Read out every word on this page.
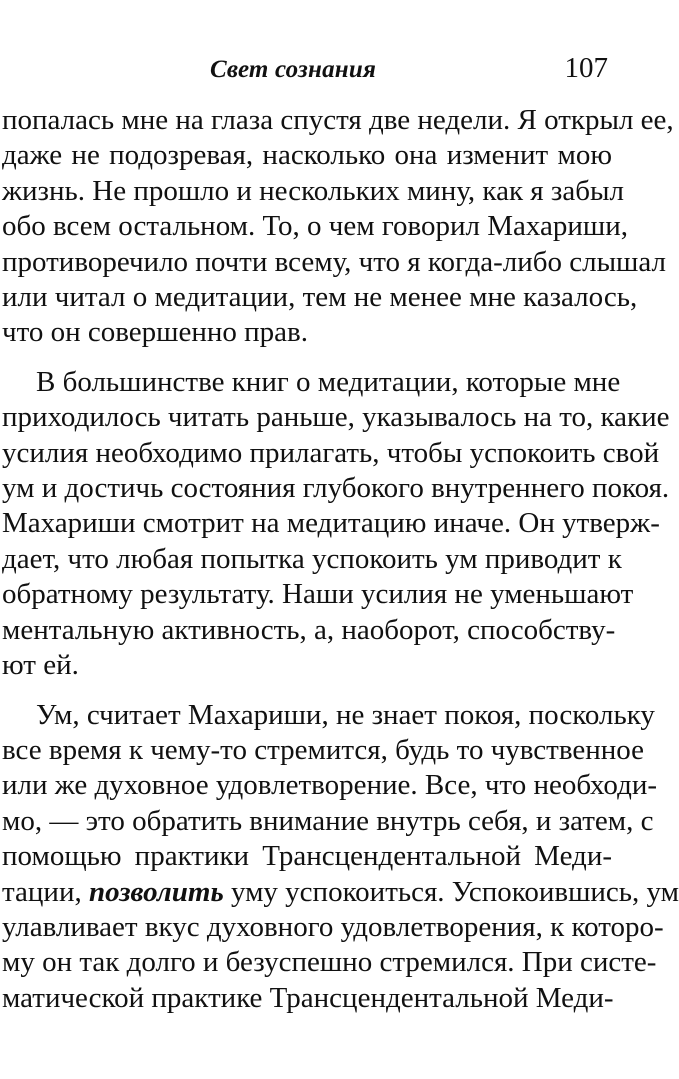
Свет сознания	107

попалась мне на глаза спустя две недели. Я открыл ее,
даже не подозревая, насколько она изменит мою
жизнь. Не прошло и нескольких мину, как я забыл
обо всем остальном. То, о чем говорил Махариши,
противоречило почти всему, что я когда-либо слышал
или читал о медитации, тем не менее мне казалось,
что он совершенно прав.

В большинстве книг о медитации, которые мне
приходилось читать раньше, указывалось на то, какие
усилия необходимо прилагать, чтобы успокоить свой
ум и достичь состояния глубокого внутреннего покоя.
Махариши смотрит на медитацию иначе. Он утверж-
дает, что любая попытка успокоить ум приводит к
обратному результату. Наши усилия не уменьшают
ментальную активность, а, наоборот, способству-
ют ей.

Ум, считает Махариши, не знает покоя, поскольку
все время к чему-то стремится, будь то чувственное
или же духовное удовлетворение. Все, что необходи-
мо, — это обратить внимание внутрь себя, и затем, с
помощью практики Трансцендентальной Меди-
тации, позволить уму успокоиться. Успокоившись, ум
улавливает вкус духовного удовлетворения, к которо-
му он так долго и безуспешно стремился. При систе-
матической практике Трансцендентальной Меди-
